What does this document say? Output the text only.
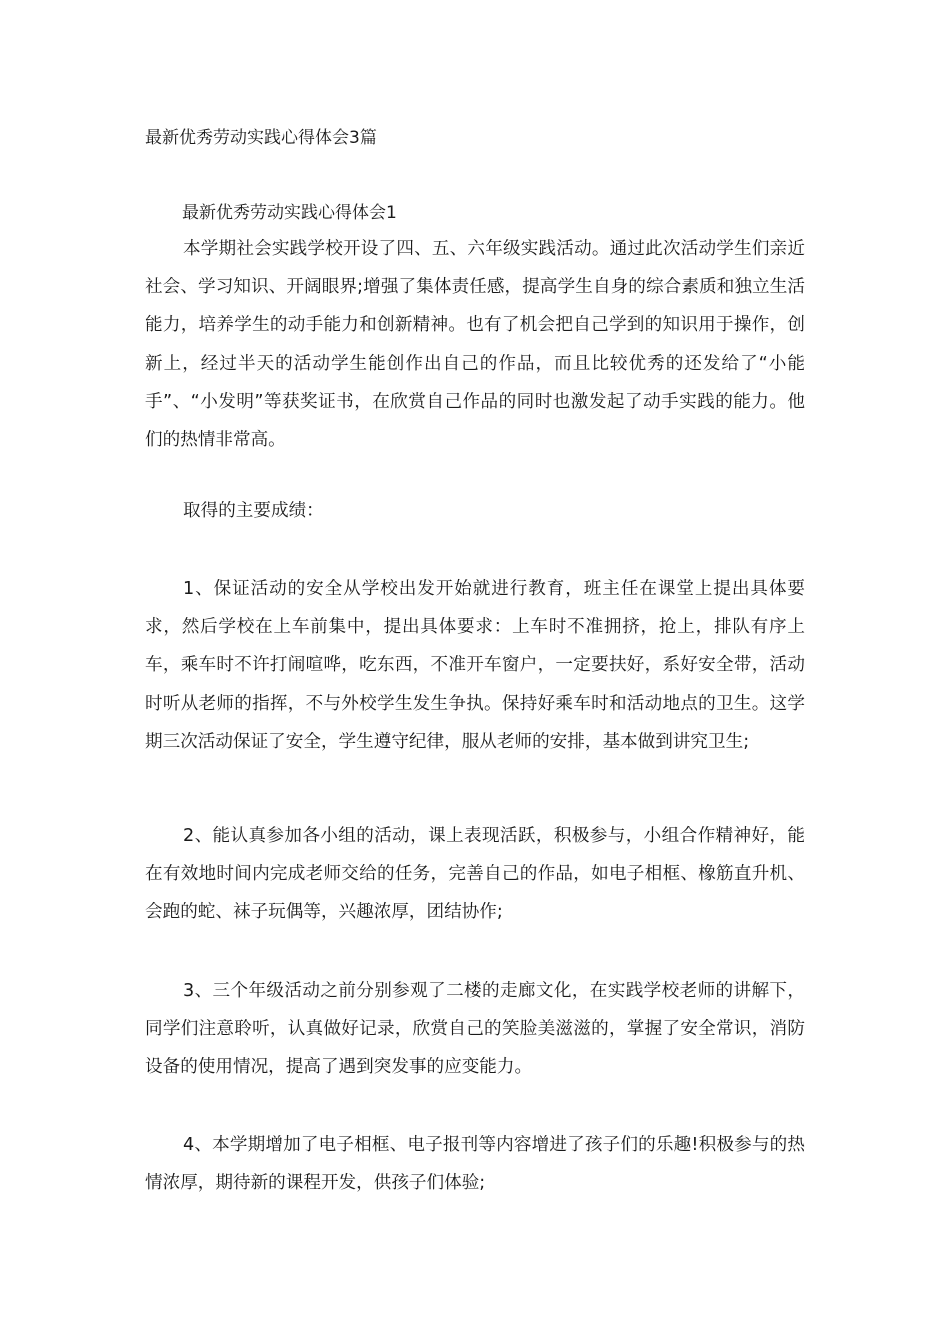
最新优秀劳动实践心得体会3篇
最新优秀劳动实践心得体会1

本学期社会实践学校开设了四、五、六年级实践活动。通过此次活动学生们亲近社会、学习知识、开阔眼界;增强了集体责任感，提高学生自身的综合素质和独立生活能力，培养学生的动手能力和创新精神。也有了机会把自己学到的知识用于操作，创新上，经过半天的活动学生能创作出自己的作品，而且比较优秀的还发给了“小能手”、“小发明”等获奖证书，在欣赏自己作品的同时也激发起了动手实践的能力。他们的热情非常高。

取得的主要成绩：

1、保证活动的安全从学校出发开始就进行教育，班主任在课堂上提出具体要求，然后学校在上车前集中，提出具体要求：上车时不准拥挤，抢上，排队有序上车，乘车时不许打闹喧哗，吃东西，不准开车窗户，一定要扶好，系好安全带，活动时听从老师的指挥，不与外校学生发生争执。保持好乘车时和活动地点的卫生。这学期三次活动保证了安全，学生遵守纪律，服从老师的安排，基本做到讲究卫生;

2、能认真参加各小组的活动，课上表现活跃，积极参与，小组合作精神好，能在有效地时间内完成老师交给的任务，完善自己的作品，如电子相框、橡筋直升机、会跑的蛇、袜子玩偶等，兴趣浓厚，团结协作;

3、三个年级活动之前分别参观了二楼的走廊文化，在实践学校老师的讲解下，同学们注意聆听，认真做好记录，欣赏自己的笑脸美滋滋的，掌握了安全常识，消防设备的使用情况，提高了遇到突发事的应变能力。

4、本学期增加了电子相框、电子报刊等内容增进了孩子们的乐趣!积极参与的热情浓厚，期待新的课程开发，供孩子们体验;
